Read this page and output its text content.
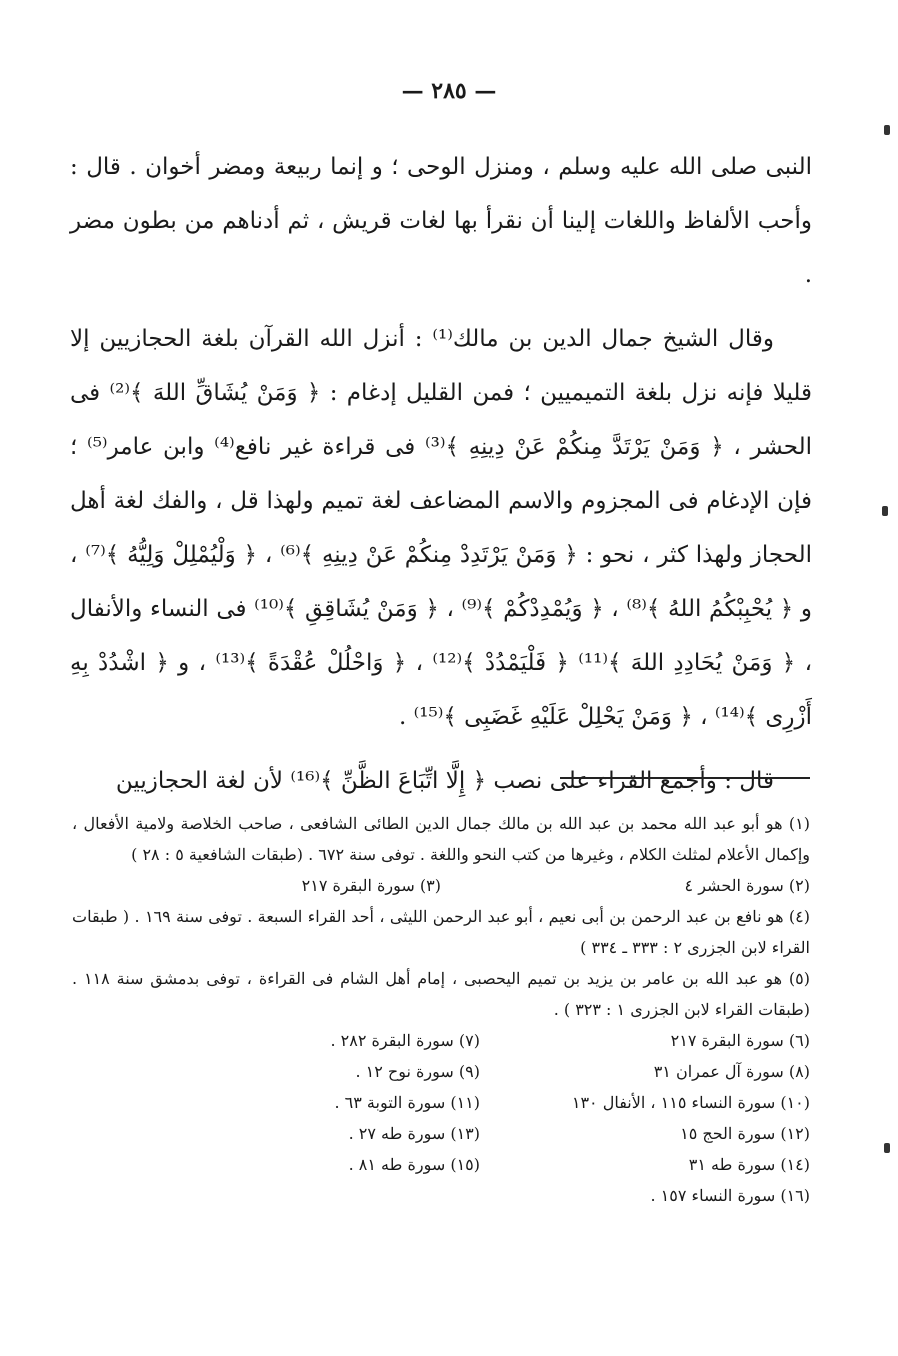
— ٢٨٥ —

النبى صلى الله عليه وسلم ، ومنزل الوحى ؛ و إنما ربيعة ومضر أخوان . قال : وأحب الألفاظ واللغات إلينا أن نقرأ بها لغات قريش ، ثم أدناهم من بطون مضر .

وقال الشيخ جمال الدين بن مالك⁽¹⁾ : أنزل الله القرآن بلغة الحجازيين إلا قليلا فإنه نزل بلغة التميميين ؛ فمن القليل إدغام : ﴿ وَمَنْ يُشَاقِّ اللهَ ﴾⁽²⁾ فى الحشر ، ﴿ وَمَنْ يَرْتَدَّ مِنكُمْ عَنْ دِينِهِ ﴾⁽³⁾ فى قراءة غير نافع⁽⁴⁾ وابن عامر⁽⁵⁾ ؛ فإن الإدغام فى المجزوم والاسم المضاعف لغة تميم ولهذا قل ، والفك لغة أهل الحجاز ولهذا كثر ، نحو : ﴿ وَمَنْ يَرْتَدِدْ مِنكُمْ عَنْ دِينِهِ ﴾⁽⁶⁾ ، ﴿ وَلْيُمْلِلْ وَلِيُّهُ ﴾⁽⁷⁾ ، و ﴿ يُحْبِبْكُمُ اللهُ ﴾⁽⁸⁾ ، ﴿ وَيُمْدِدْكُمْ ﴾⁽⁹⁾ ، ﴿ وَمَنْ يُشَاقِقِ ﴾⁽¹⁰⁾ فى النساء والأنفال ، ﴿ وَمَنْ يُحَادِدِ اللهَ ﴾⁽¹¹⁾ ﴿ فَلْيَمْدُدْ ﴾⁽¹²⁾ ، ﴿ وَاحْلُلْ عُقْدَةً ﴾⁽¹³⁾ ، و ﴿ اشْدُدْ بِهِ أَزْرِى ﴾⁽¹⁴⁾ ، ﴿ وَمَنْ يَحْلِلْ عَلَيْهِ غَضَبِى ﴾⁽¹⁵⁾ .

قال : وأجمع القراء على نصب ﴿ إِلَّا اتِّبَاعَ الظَّنِّ ﴾⁽¹⁶⁾ لأن لغة الحجازيين

(١) هو أبو عبد الله محمد بن عبد الله بن مالك جمال الدين الطائى الشافعى ، صاحب الخلاصة ولامية الأفعال ، وإكمال الأعلام لمثلث الكلام ، وغيرها من كتب النحو واللغة . توفى سنة ٦٧٢ . (طبقات الشافعية ٥ : ٢٨ )

(٢) سورة الحشر ٤
(٣) سورة البقرة ٢١٧

(٤) هو نافع بن عبد الرحمن بن أبى نعيم ، أبو عبد الرحمن الليثى ، أحد القراء السبعة . توفى سنة ١٦٩ . ( طبقات القراء لابن الجزرى ٢ : ٣٣٣ ـ ٣٣٤ )

(٥) هو عبد الله بن عامر بن يزيد بن تميم اليحصبى ، إمام أهل الشام فى القراءة ، توفى بدمشق سنة ١١٨ . (طبقات القراء لابن الجزرى ١ : ٣٢٣ ) .

(٦) سورة البقرة ٢١٧
(٧) سورة البقرة ٢٨٢ .
(٨) سورة آل عمران ٣١
(٩) سورة نوح ١٢ .
(١٠) سورة النساء ١١٥ ، الأنفال ١٣٠
(١١) سورة التوبة ٦٣ .
(١٢) سورة الحج ١٥
(١٣) سورة طه ٢٧ .
(١٤) سورة طه ٣١
(١٥) سورة طه ٨١ .
(١٦) سورة النساء ١٥٧ .
